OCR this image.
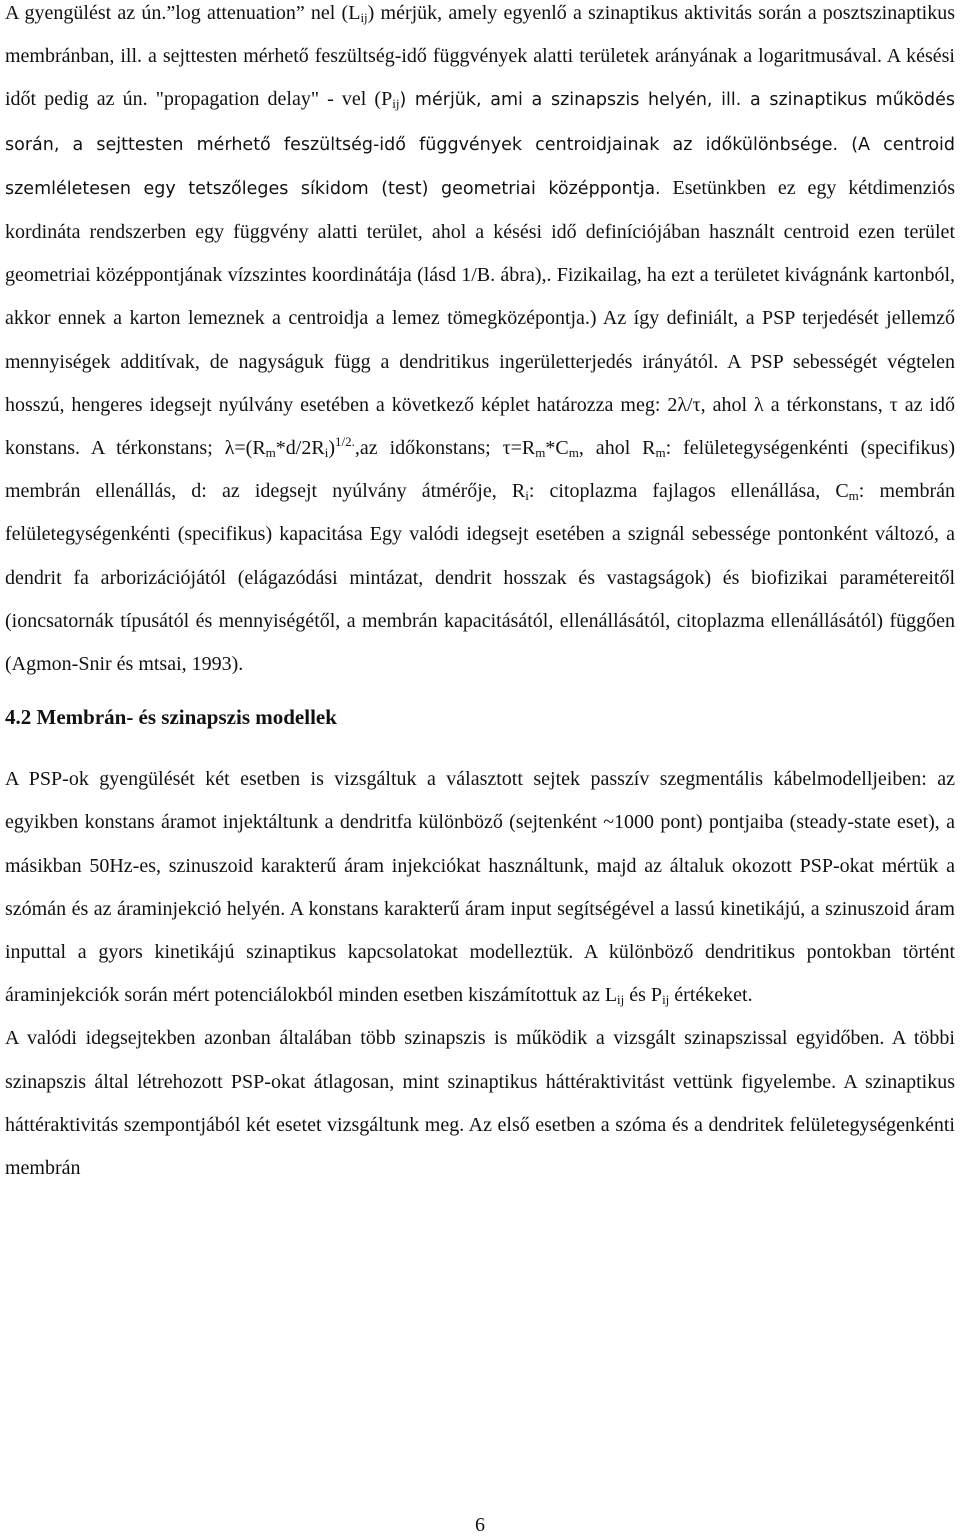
A gyengülést az ún.”log attenuation” nel $(L_{ij})$ mérjük, amely egyenlő a szinaptikus aktivitás során a posztszinaptikus membránban, ill. a sejttesten mérhető feszültség-idő függvények alatti területek arányának a logaritmusával. A késési időt pedig az ún. "propagation delay" - vel $(P_{ij})$ mérjük, ami a szinapszis helyén, ill. a szinaptikus működés során, a sejttesten mérhető feszültség-idő függvények centroidjainak az időkülönbsége. (A centroid szemléletesen egy tetszőleges síkidom (test) geometriai középpontja. Esetünkben ez egy kétdimenziós kordináta rendszerben egy függvény alatti terület, ahol a késési idő definíciójában használt centroid ezen terület geometriai középpontjának vízszintes koordinátája (lásd 1/B. ábra),. Fizikailag, ha ezt a területet kivágnánk kartonból, akkor ennek a karton lemeznek a centroidja a lemez tömegközépontja.) Az így definiált, a PSP terjedését jellemző mennyiségek additívak, de nagyságuk függ a dendritikus ingerületterjedés irányától. A PSP sebességét végtelen hosszú, hengeres idegsejt nyúlvány esetében a következő képlet határozza meg: 2λ/τ, ahol λ a térkonstans, τ az idő konstans. A térkonstans; $\lambda=(R_m*d/2R_i)^{1/2.},az$ időkonstans; $\tau=R_m*C_m$, ahol $R_m$: felületegységenkénti (specifikus) membrán ellenállás, d: az idegsejt nyúlvány átmérője, $R_i$: citoplazma fajlagos ellenállása, $C_m$: membrán felületegységenkénti (specifikus) kapacitása Egy valódi idegsejt esetében a szignál sebessége pontonként változó, a dendrit fa arborizációjától (elágazódási mintázat, dendrit hosszak és vastagságok) és biofizikai paramétereitől (ioncsatornák típusától és mennyiségétől, a membrán kapacitásától, ellenállásától, citoplazma ellenállásától) függően (Agmon-Snir és mtsai, 1993).

4.2 Membrán- és szinapszis modellek

A PSP-ok gyengülését két esetben is vizsgáltuk a választott sejtek passzív szegmentális kábelmodelljeiben: az egyikben konstans áramot injektáltunk a dendritfa különböző (sejtenként ~1000 pont) pontjaiba (steady-state eset), a másikban 50Hz-es, szinuszoid karakterű áram injekciókat használtunk, majd az általuk okozott PSP-okat mértük a szómán és az áraminjekció helyén. A konstans karakterű áram input segítségével a lassú kinetikájú, a szinuszoid áram inputtal a gyors kinetikájú szinaptikus kapcsolatokat modelleztük. A különböző dendritikus pontokban történt áraminjekciók során mért potenciálokból minden esetben kiszámítottuk az $L_{ij}$ és $P_{ij}$ értékeket.

A valódi idegsejtekben azonban általában több szinapszis is működik a vizsgált szinapszissal egyidőben. A többi szinapszis által létrehozott PSP-okat átlagosan, mint szinaptikus háttéraktivitást vettünk figyelembe. A szinaptikus háttéraktivitás szempontjából két esetet vizsgáltunk meg. Az első esetben a szóma és a dendritek felületegységenkénti membrán

6
